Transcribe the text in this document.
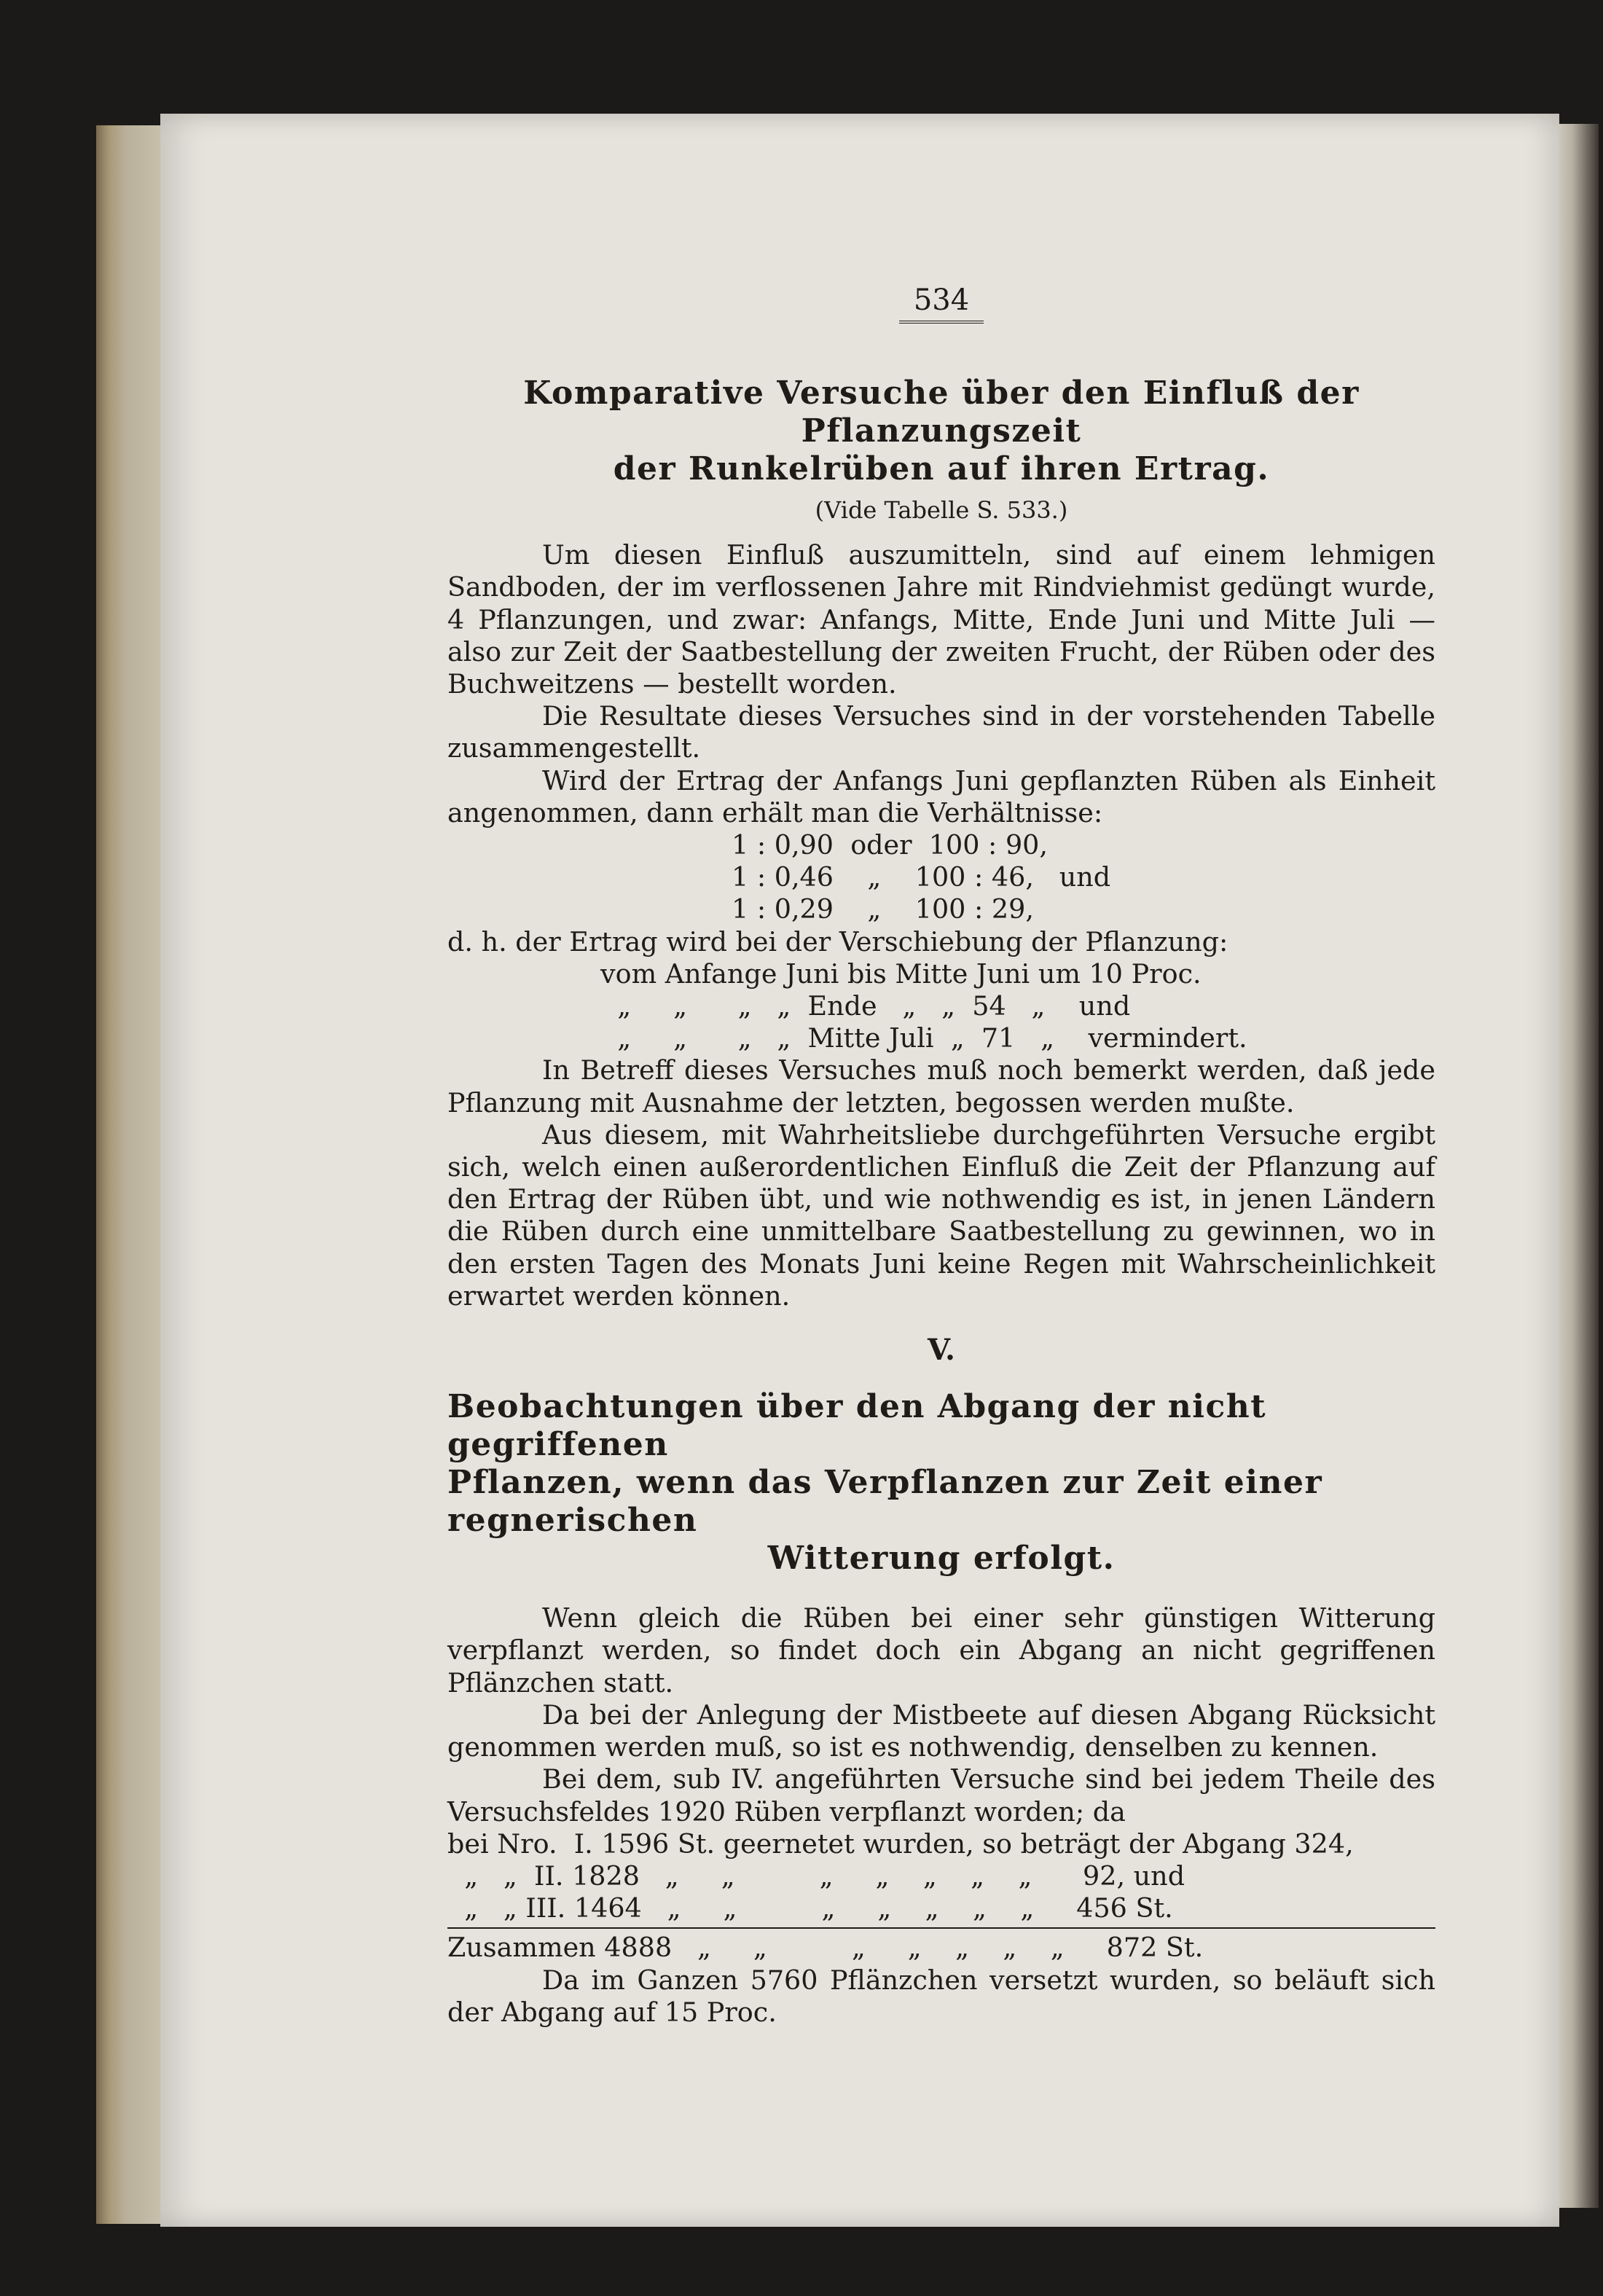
534
Komparative Versuche über den Einfluß der Pflanzungszeit
der Runkelrüben auf ihren Ertrag.
(Vide Tabelle S. 533.)

Um diesen Einfluß auszumitteln, sind auf einem lehmigen Sandboden, der im verflossenen Jahre mit Rindviehmist gedüngt wurde, 4 Pflanzungen, und zwar: Anfangs, Mitte, Ende Juni und Mitte Juli — also zur Zeit der Saatbestellung der zweiten Frucht, der Rüben oder des Buchweitzens — bestellt worden.

Die Resultate dieses Versuches sind in der vorstehenden Tabelle zusammengestellt.

Wird der Ertrag der Anfangs Juni gepflanzten Rüben als Einheit angenommen, dann erhält man die Verhältnisse:

1 : 0,90  oder  100 : 90,
1 : 0,46    „    100 : 46,   und
1 : 0,29    „    100 : 29,

d. h. der Ertrag wird bei der Verschiebung der Pflanzung:

vom Anfange Juni bis Mitte Juni um 10 Proc.
„     „      „   „  Ende   „   „  54   „    und
„     „      „   „  Mitte Juli  „  71   „    vermindert.

In Betreff dieses Versuches muß noch bemerkt werden, daß jede Pflanzung mit Ausnahme der letzten, begossen werden mußte.

Aus diesem, mit Wahrheitsliebe durchgeführten Versuche ergibt sich, welch einen außerordentlichen Einfluß die Zeit der Pflanzung auf den Ertrag der Rüben übt, und wie nothwendig es ist, in jenen Ländern die Rüben durch eine unmittelbare Saatbestellung zu gewinnen, wo in den ersten Tagen des Monats Juni keine Regen mit Wahrscheinlichkeit erwartet werden können.

V.
Beobachtungen über den Abgang der nicht gegriffenen
Pflanzen, wenn das Verpflanzen zur Zeit einer regnerischen
Witterung erfolgt.

Wenn gleich die Rüben bei einer sehr günstigen Witterung verpflanzt werden, so findet doch ein Abgang an nicht gegriffenen Pflänzchen statt.

Da bei der Anlegung der Mistbeete auf diesen Abgang Rücksicht genommen werden muß, so ist es nothwendig, denselben zu kennen.

Bei dem, sub IV. angeführten Versuche sind bei jedem Theile des Versuchsfeldes 1920 Rüben verpflanzt worden; da

bei Nro.  I. 1596 St. geernetet wurden, so beträgt der Abgang 324,
„   „  II. 1828   „     „          „     „    „    „    „      92, und
„   „ III. 1464   „     „          „     „    „    „    „     456 St.
Zusammen 4888   „     „          „     „    „    „    „     872 St.

Da im Ganzen 5760 Pflänzchen versetzt wurden, so beläuft sich der Abgang auf 15 Proc.
